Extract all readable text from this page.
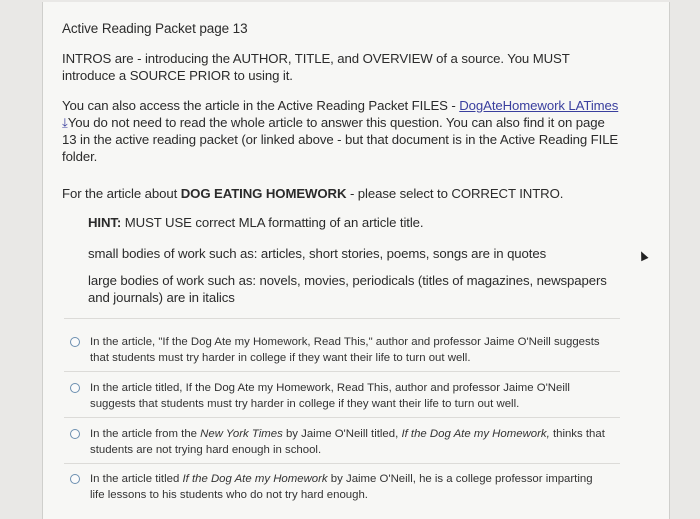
Active Reading Packet page 13
INTROS are - introducing the AUTHOR, TITLE, and OVERVIEW of a source. You MUST introduce a SOURCE PRIOR to using it.
You can also access the article in the Active Reading Packet FILES - DogAteHomework LATimes
⤓You do not need to read the whole article to answer this question. You can also find it on page 13 in the active reading packet (or linked above - but that document is in the Active Reading FILE folder.
For the article about DOG EATING HOMEWORK - please select to CORRECT INTRO.
HINT: MUST USE correct MLA formatting of an article title.
small bodies of work such as: articles, short stories, poems, songs are in quotes
large bodies of work such as: novels, movies, periodicals (titles of magazines, newspapers and journals) are in italics
In the article, "If the Dog Ate my Homework, Read This," author and professor Jaime O'Neill suggests that students must try harder in college if they want their life to turn out well.
In the article titled, If the Dog Ate my Homework, Read This, author and professor Jaime O'Neill suggests that students must try harder in college if they want their life to turn out well.
In the article from the New York Times by Jaime O'Neill titled, If the Dog Ate my Homework, thinks that students are not trying hard enough in school.
In the article titled If the Dog Ate my Homework by Jaime O'Neill, he is a college professor imparting life lessons to his students who do not try hard enough.
